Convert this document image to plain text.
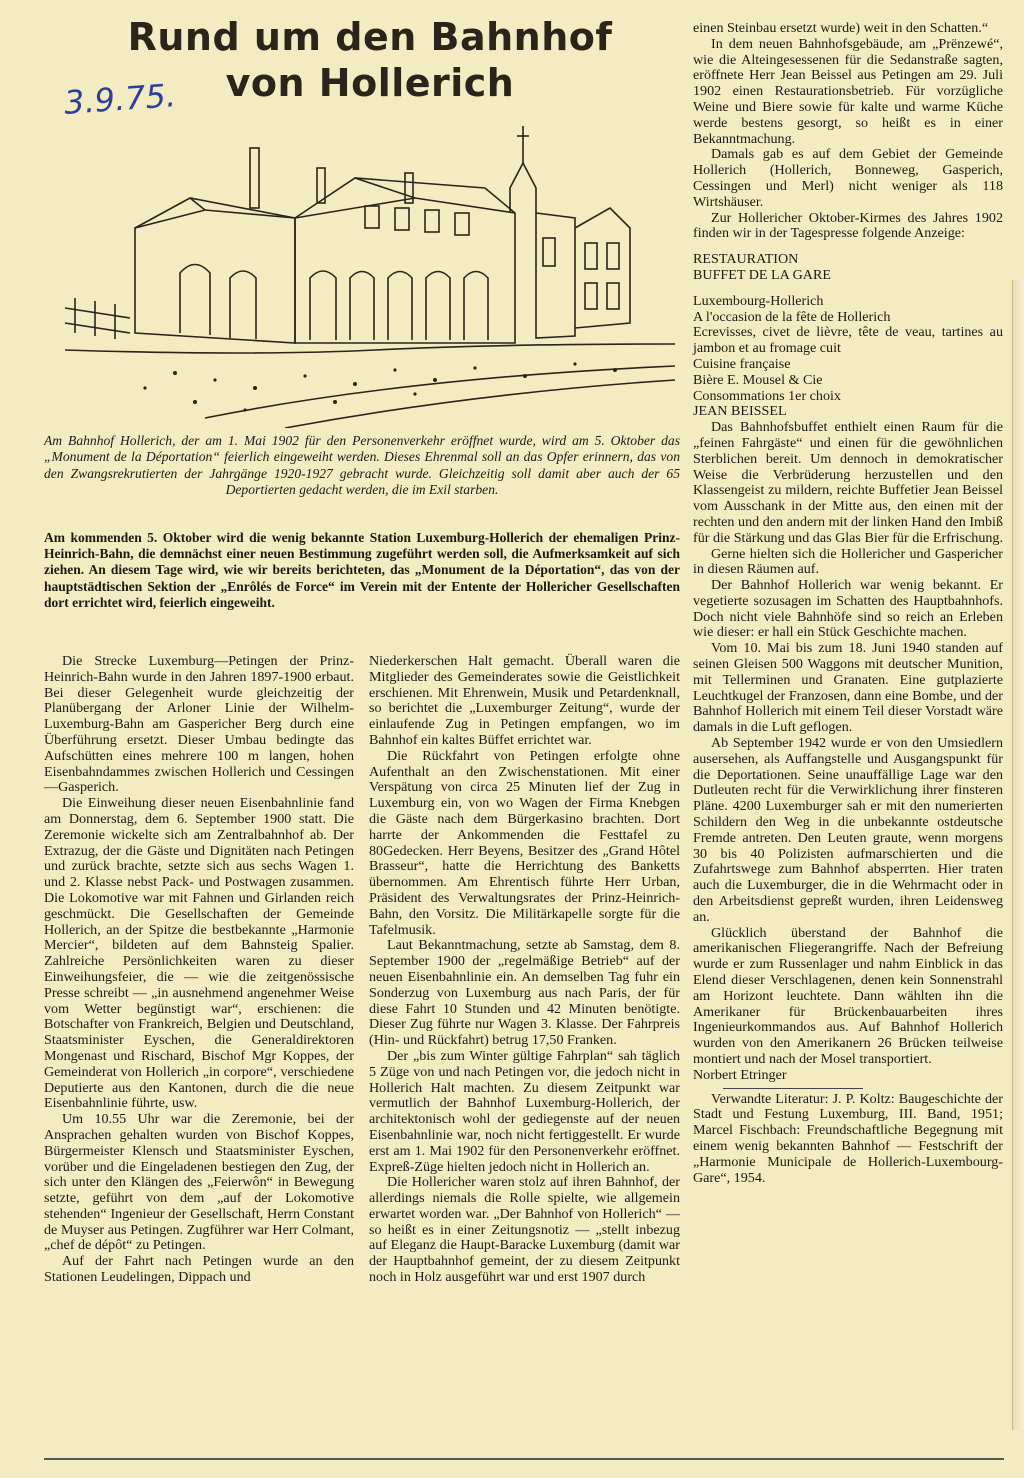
Rund um den Bahnhof
von Hollerich
3.9.75.
Am Bahnhof Hollerich, der am 1. Mai 1902 für den Personenverkehr eröffnet wurde, wird am 5. Oktober das „Monument de la Déportation“ feierlich eingeweiht werden. Dieses Ehrenmal soll an das Opfer erinnern, das von den Zwangsrekrutierten der Jahrgänge 1920-1927 gebracht wurde. Gleichzeitig soll damit aber auch der 65 Deportierten gedacht werden, die im Exil starben.
Am kommenden 5. Oktober wird die wenig bekannte Station Luxemburg-Hollerich der ehemaligen Prinz-Heinrich-Bahn, die demnächst einer neuen Bestimmung zugeführt werden soll, die Aufmerksamkeit auf sich ziehen. An diesem Tage wird, wie wir bereits berichteten, das „Monument de la Déportation“, das von der hauptstädtischen Sektion der „Enrôlés de Force“ im Verein mit der Entente der Hollericher Gesellschaften dort errichtet wird, feierlich eingeweiht.

Die Strecke Luxemburg—Petingen der Prinz-Heinrich-Bahn wurde in den Jahren 1897-1900 erbaut. Bei dieser Gelegenheit wurde gleichzeitig der Planübergang der Arloner Linie der Wilhelm-Luxemburg-Bahn am Gaspericher Berg durch eine Überführung ersetzt. Dieser Umbau bedingte das Aufschütten eines mehrere 100 m langen, hohen Eisenbahndammes zwischen Hollerich und Cessingen—Gasperich.

Die Einweihung dieser neuen Eisenbahnlinie fand am Donnerstag, dem 6. September 1900 statt. Die Zeremonie wickelte sich am Zentralbahnhof ab. Der Extrazug, der die Gäste und Dignitäten nach Petingen und zurück brachte, setzte sich aus sechs Wagen 1. und 2. Klasse nebst Pack- und Postwagen zusammen. Die Lokomotive war mit Fahnen und Girlanden reich geschmückt. Die Gesellschaften der Gemeinde Hollerich, an der Spitze die bestbekannte „Harmonie Mercier“, bildeten auf dem Bahnsteig Spalier. Zahlreiche Persönlichkeiten waren zu dieser Einweihungsfeier, die — wie die zeitgenössische Presse schreibt — „in ausnehmend angenehmer Weise vom Wetter begünstigt war“, erschienen: die Botschafter von Frankreich, Belgien und Deutschland, Staatsminister Eyschen, die Generaldirektoren Mongenast und Rischard, Bischof Mgr Koppes, der Gemeinderat von Hollerich „in corpore“, verschiedene Deputierte aus den Kantonen, durch die die neue Eisenbahnlinie führte, usw.

Um 10.55 Uhr war die Zeremonie, bei der Ansprachen gehalten wurden von Bischof Koppes, Bürgermeister Klensch und Staatsminister Eyschen, vorüber und die Eingeladenen bestiegen den Zug, der sich unter den Klängen des „Feierwôn“ in Bewegung setzte, geführt von dem „auf der Lokomotive stehenden“ Ingenieur der Gesellschaft, Herrn Constant de Muyser aus Petingen. Zugführer war Herr Colmant, „chef de dépôt“ zu Petingen.

Auf der Fahrt nach Petingen wurde an den Stationen Leudelingen, Dippach und

Niederkerschen Halt gemacht. Überall waren die Mitglieder des Gemeinderates sowie die Geistlichkeit erschienen. Mit Ehrenwein, Musik und Petardenknall, so berichtet die „Luxemburger Zeitung“, wurde der einlaufende Zug in Petingen empfangen, wo im Bahnhof ein kaltes Büffet errichtet war.

Die Rückfahrt von Petingen erfolgte ohne Aufenthalt an den Zwischenstationen. Mit einer Verspätung von circa 25 Minuten lief der Zug in Luxemburg ein, von wo Wagen der Firma Knebgen die Gäste nach dem Bürgerkasino brachten. Dort harrte der Ankommenden die Festtafel zu 80Gedecken. Herr Beyens, Besitzer des „Grand Hôtel Brasseur“, hatte die Herrichtung des Banketts übernommen. Am Ehrentisch führte Herr Urban, Präsident des Verwaltungsrates der Prinz-Heinrich-Bahn, den Vorsitz. Die Militärkapelle sorgte für die Tafelmusik.

Laut Bekanntmachung, setzte ab Samstag, dem 8. September 1900 der „regelmäßige Betrieb“ auf der neuen Eisenbahnlinie ein. An demselben Tag fuhr ein Sonderzug von Luxemburg aus nach Paris, der für diese Fahrt 10 Stunden und 42 Minuten benötigte. Dieser Zug führte nur Wagen 3. Klasse. Der Fahrpreis (Hin- und Rückfahrt) betrug 17,50 Franken.

Der „bis zum Winter gültige Fahrplan“ sah täglich 5 Züge von und nach Petingen vor, die jedoch nicht in Hollerich Halt machten. Zu diesem Zeitpunkt war vermutlich der Bahnhof Luxemburg-Hollerich, der architektonisch wohl der gediegenste auf der neuen Eisenbahnlinie war, noch nicht fertiggestellt. Er wurde erst am 1. Mai 1902 für den Personenverkehr eröffnet. Expreß-Züge hielten jedoch nicht in Hollerich an.

Die Hollericher waren stolz auf ihren Bahnhof, der allerdings niemals die Rolle spielte, wie allgemein erwartet worden war. „Der Bahnhof von Hollerich“ — so heißt es in einer Zeitungsnotiz — „stellt inbezug auf Eleganz die Haupt-Baracke Luxemburg (damit war der Hauptbahnhof gemeint, der zu diesem Zeitpunkt noch in Holz ausgeführt war und erst 1907 durch

einen Steinbau ersetzt wurde) weit in den Schatten.“

In dem neuen Bahnhofsgebäude, am „Prënzewé“, wie die Alteingesessenen für die Sedanstraße sagten, eröffnete Herr Jean Beissel aus Petingen am 29. Juli 1902 einen Restaurationsbetrieb. Für vorzügliche Weine und Biere sowie für kalte und warme Küche werde bestens gesorgt, so heißt es in einer Bekanntmachung.

Damals gab es auf dem Gebiet der Gemeinde Hollerich (Hollerich, Bonneweg, Gasperich, Cessingen und Merl) nicht weniger als 118 Wirtshäuser.

Zur Hollericher Oktober-Kirmes des Jahres 1902 finden wir in der Tagespresse folgende Anzeige:

RESTAURATION

BUFFET DE LA GARE

Luxembourg-Hollerich

A l'occasion de la fête de Hollerich

Ecrevisses, civet de lièvre, tête de veau, tartines au jambon et au fromage cuit

Cuisine française

Bière E. Mousel & Cie

Consommations 1er choix

JEAN BEISSEL

Das Bahnhofsbuffet enthielt einen Raum für die „feinen Fahrgäste“ und einen für die gewöhnlichen Sterblichen bereit. Um dennoch in demokratischer Weise die Verbrüderung herzustellen und den Klassengeist zu mildern, reichte Buffetier Jean Beissel vom Ausschank in der Mitte aus, den einen mit der rechten und den andern mit der linken Hand den Imbiß für die Stärkung und das Glas Bier für die Erfrischung.

Gerne hielten sich die Hollericher und Gaspericher in diesen Räumen auf.

Der Bahnhof Hollerich war wenig bekannt. Er vegetierte sozusagen im Schatten des Hauptbahnhofs. Doch nicht viele Bahnhöfe sind so reich an Erleben wie dieser: er hall ein Stück Geschichte machen.

Vom 10. Mai bis zum 18. Juni 1940 standen auf seinen Gleisen 500 Waggons mit deutscher Munition, mit Tellerminen und Granaten. Eine gutplazierte Leuchtkugel der Franzosen, dann eine Bombe, und der Bahnhof Hollerich mit einem Teil dieser Vorstadt wäre damals in die Luft geflogen.

Ab September 1942 wurde er von den Umsiedlern ausersehen, als Auffangstelle und Ausgangspunkt für die Deportationen. Seine unauffällige Lage war den Dutleuten recht für die Verwirklichung ihrer finsteren Pläne. 4200 Luxemburger sah er mit den numerierten Schildern den Weg in die unbekannte ostdeutsche Fremde antreten. Den Leuten graute, wenn morgens 30 bis 40 Polizisten aufmarschierten und die Zufahrtswege zum Bahnhof absperrten. Hier traten auch die Luxemburger, die in die Wehrmacht oder in den Arbeitsdienst gepreßt wurden, ihren Leidensweg an.

Glücklich überstand der Bahnhof die amerikanischen Fliegerangriffe. Nach der Befreiung wurde er zum Russenlager und nahm Einblick in das Elend dieser Verschlagenen, denen kein Sonnenstrahl am Horizont leuchtete. Dann wählten ihn die Amerikaner für Brückenbauarbeiten ihres Ingenieurkommandos aus. Auf Bahnhof Hollerich wurden von den Amerikanern 26 Brücken teilweise montiert und nach der Mosel transportiert.

Norbert Etringer

Verwandte Literatur: J. P. Koltz: Baugeschichte der Stadt und Festung Luxemburg, III. Band, 1951; Marcel Fischbach: Freundschaftliche Begegnung mit einem wenig bekannten Bahnhof — Festschrift der „Harmonie Municipale de Hollerich-Luxembourg-Gare“, 1954.
